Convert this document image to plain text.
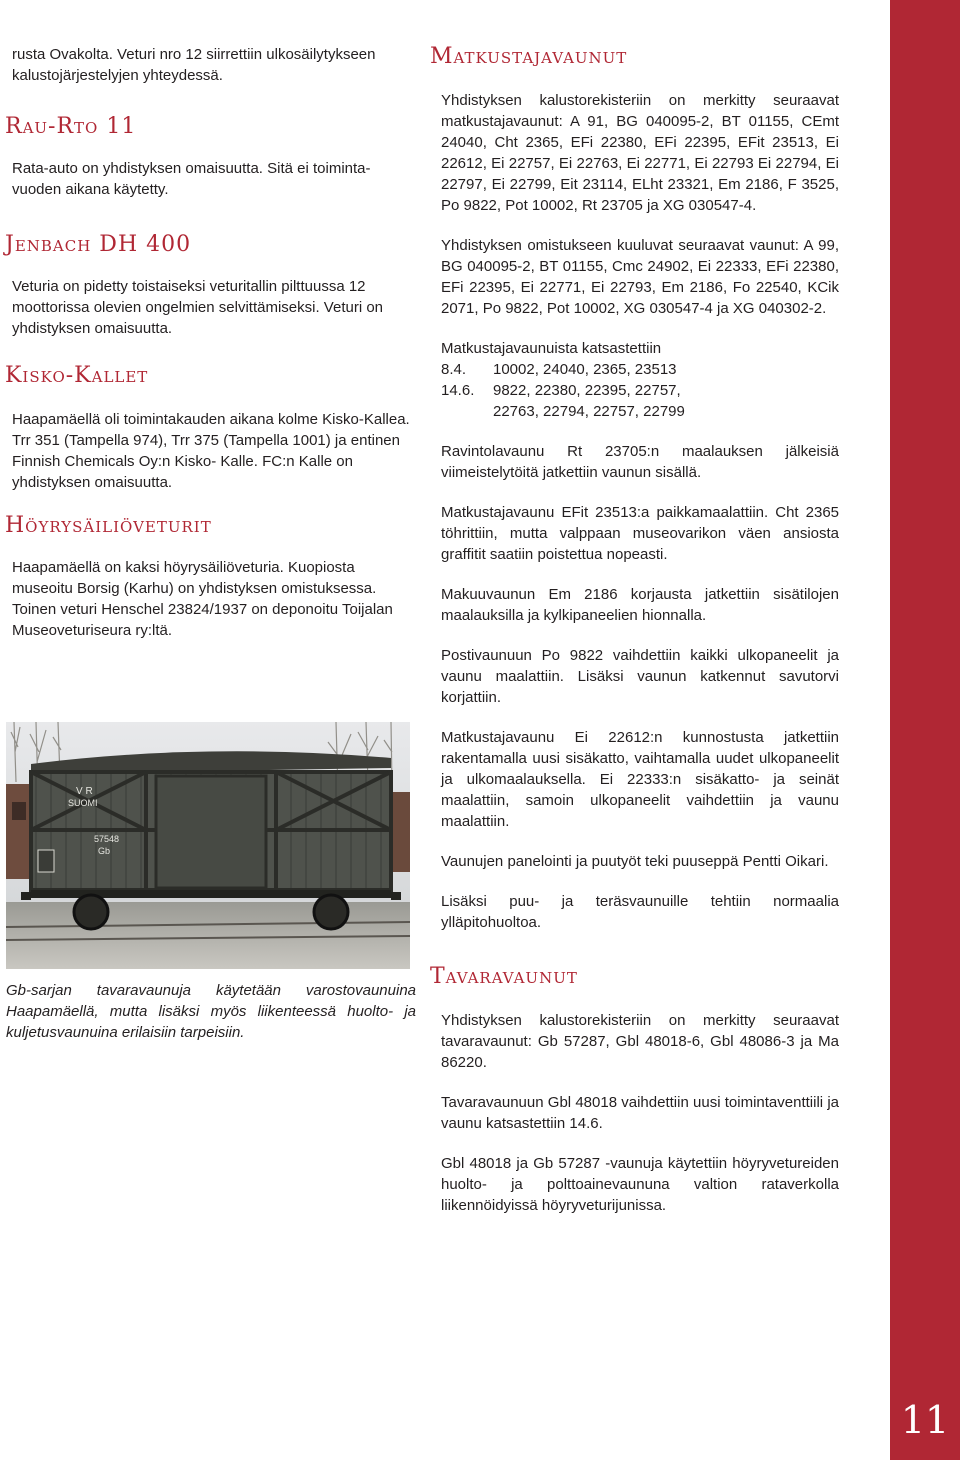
11

rusta Ovakolta. Veturi nro 12 siirrettiin ulkosäilytykseen kalustojärjestelyjen yhteydessä.

Rau-Rto 11

Rata-auto on yhdistyksen omaisuutta. Sitä ei toiminta- vuoden aikana käytetty.

Jenbach DH 400

Veturia on pidetty toistaiseksi veturitallin pilttuussa 12 moottorissa olevien ongelmien selvittämiseksi. Veturi on yhdistyksen omaisuutta.

Kisko-Kallet

Haapamäellä oli toimintakauden aikana kolme Kisko-Kallea. Trr 351 (Tampella 974), Trr 375 (Tampella 1001) ja entinen Finnish Chemicals Oy:n Kisko- Kalle. FC:n Kalle on yhdistyksen omaisuutta.

Höyrysäiliöveturit

Haapamäellä on kaksi höyrysäiliöveturia. Kuopiosta museoitu Borsig (Karhu) on yhdistyksen omistuksessa. Toinen veturi Henschel 23824/1937 on deponoitu Toijalan Museoveturiseura ry:ltä.

V R
SUOMI
57548
Gb

Gb-sarjan tavaravaunuja käytetään varostovaunuina Haapamäellä, mutta lisäksi myös liikenteessä huolto- ja kuljetusvaunuina erilaisiin tarpeisiin.

Matkustajavaunut

Yhdistyksen kalustorekisteriin on merkitty seuraavat matkustajavaunut: A 91, BG 040095-2, BT 01155, CEmt 24040, Cht 2365, EFi 22380, EFi 22395, EFit 23513, Ei 22612, Ei 22757, Ei 22763, Ei 22771, Ei 22793 Ei 22794, Ei 22797, Ei 22799, Eit 23114, ELht 23321, Em 2186, F 3525, Po 9822, Pot 10002, Rt 23705 ja XG 030547-4.

Yhdistyksen omistukseen kuuluvat seuraavat vaunut: A 99, BG 040095-2, BT 01155, Cmc 24902, Ei 22333, EFi 22380, EFi 22395, Ei 22771, Ei 22793, Em 2186, Fo 22540, KCik 2071, Po 9822, Pot 10002, XG 030547-4 ja XG 040302-2.

Matkustajavaunuista katsastettiin
8.4.	10002, 24040, 2365, 23513
14.6.	9822, 22380, 22395, 22757,
22763, 22794, 22757, 22799

Ravintolavaunu Rt 23705:n maalauksen jälkeisiä viimeistelytöitä jatkettiin vaunun sisällä.

Matkustajavaunu EFit 23513:a paikkamaalattiin. Cht 2365 töhrittiin, mutta valppaan museovarikon väen ansiosta graffitit saatiin poistettua nopeasti.

Makuuvaunun Em 2186 korjausta jatkettiin sisätilojen maalauksilla ja kylkipaneelien hionnalla.

Postivaunuun Po 9822 vaihdettiin kaikki ulkopaneelit ja vaunu maalattiin. Lisäksi vaunun katkennut savutorvi korjattiin.

Matkustajavaunu Ei 22612:n kunnostusta jatkettiin rakentamalla uusi sisäkatto, vaihtamalla uudet ulkopaneelit ja ulkomaalauksella. Ei 22333:n sisäkatto- ja seinät maalattiin, samoin ulkopaneelit vaihdettiin ja vaunu maalattiin.

Vaunujen panelointi ja puutyöt teki puuseppä Pentti Oikari.

Lisäksi puu- ja teräsvaunuille tehtiin normaalia ylläpitohuoltoa.

Tavaravaunut

Yhdistyksen kalustorekisteriin on merkitty seuraavat tavaravaunut: Gb 57287, Gbl 48018-6, Gbl 48086-3 ja Ma 86220.

Tavaravaunuun Gbl 48018 vaihdettiin uusi toimintaventtiili ja vaunu katsastettiin 14.6.

Gbl 48018 ja Gb 57287 -vaunuja käytettiin höyryvetureiden huolto- ja polttoainevaununa valtion rataverkolla liikennöidyissä höyryveturijunissa.
